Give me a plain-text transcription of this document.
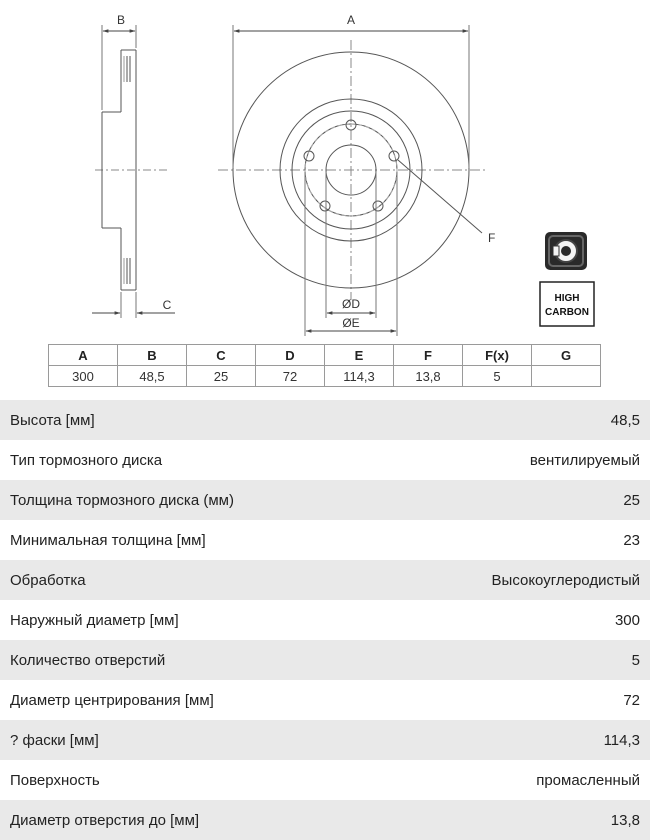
B
C
A
F
ØD
ØE
HIGH
CARBON
A	B	C	D	E	F	F(x)	G
300	48,5	25	72	114,3	13,8	5	
Высота [мм]	48,5
Тип тормозного диска	вентилируемый
Толщина тормозного диска (мм)	25
Минимальная толщина [мм]	23
Обработка	Высокоуглеродистый
Наружный диаметр [мм]	300
Количество отверстий	5
Диаметр центрирования [мм]	72
? фаски [мм]	114,3
Поверхность	промасленный
Диаметр отверстия до [мм]	13,8
